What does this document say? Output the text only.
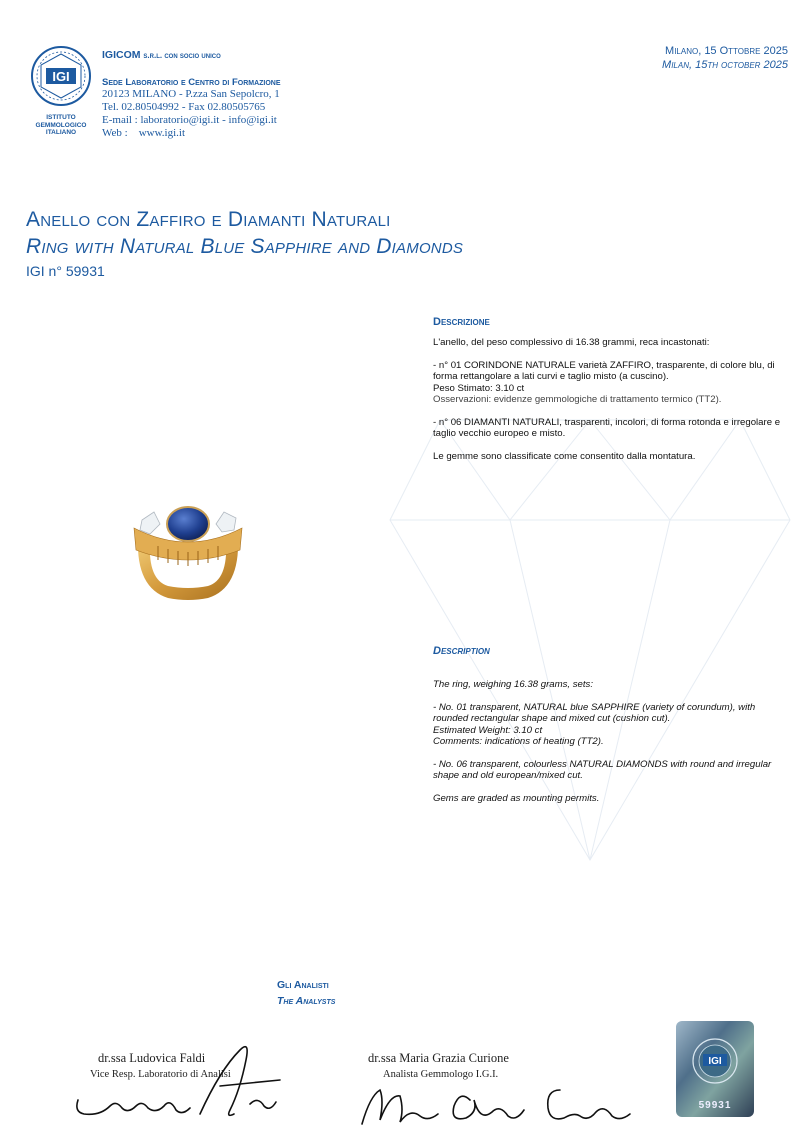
IGI
ISTITUTO
GEMMOLOGICO
ITALIANO
IGICOM s.r.l. con socio unico
Sede Laboratorio e Centro di Formazione
20123 MILANO - P.zza San Sepolcro, 1
Tel. 02.80504992 - Fax 02.80505765
E-mail : laboratorio@igi.it - info@igi.it
Web :    www.igi.it
Milano, 15 Ottobre 2025
Milan, 15th october 2025
Anello con Zaffiro e Diamanti Naturali
Ring with Natural Blue Sapphire and Diamonds
IGI n° 59931
Descrizione

L'anello, del peso complessivo di 16.38 grammi, reca incastonati:

- n° 01 CORINDONE NATURALE varietà ZAFFIRO, trasparente, di colore blu, di forma rettangolare a lati curvi e taglio misto (a cuscino).
Peso Stimato: 3.10 ct
Osservazioni: evidenze gemmologiche di trattamento termico (TT2).

- n° 06 DIAMANTI NATURALI, trasparenti, incolori, di forma rotonda e irregolare e taglio vecchio europeo e misto.

Le gemme sono classificate come consentito dalla montatura.

Description

The ring, weighing 16.38 grams, sets:

- No. 01 transparent, NATURAL blue SAPPHIRE (variety of corundum), with rounded rectangular shape and mixed cut (cushion cut).
Estimated Weight: 3.10 ct
Comments: indications of heating (TT2).

- No. 06 transparent, colourless NATURAL DIAMONDS with round and irregular shape and old european/mixed cut.

Gems are graded as mounting permits.

Gli Analisti
The Analysts
dr.ssa Ludovica Faldi
Vice Resp. Laboratorio di Analisi
dr.ssa Maria Grazia Curione
Analista Gemmologo I.G.I.
IGI
59931
